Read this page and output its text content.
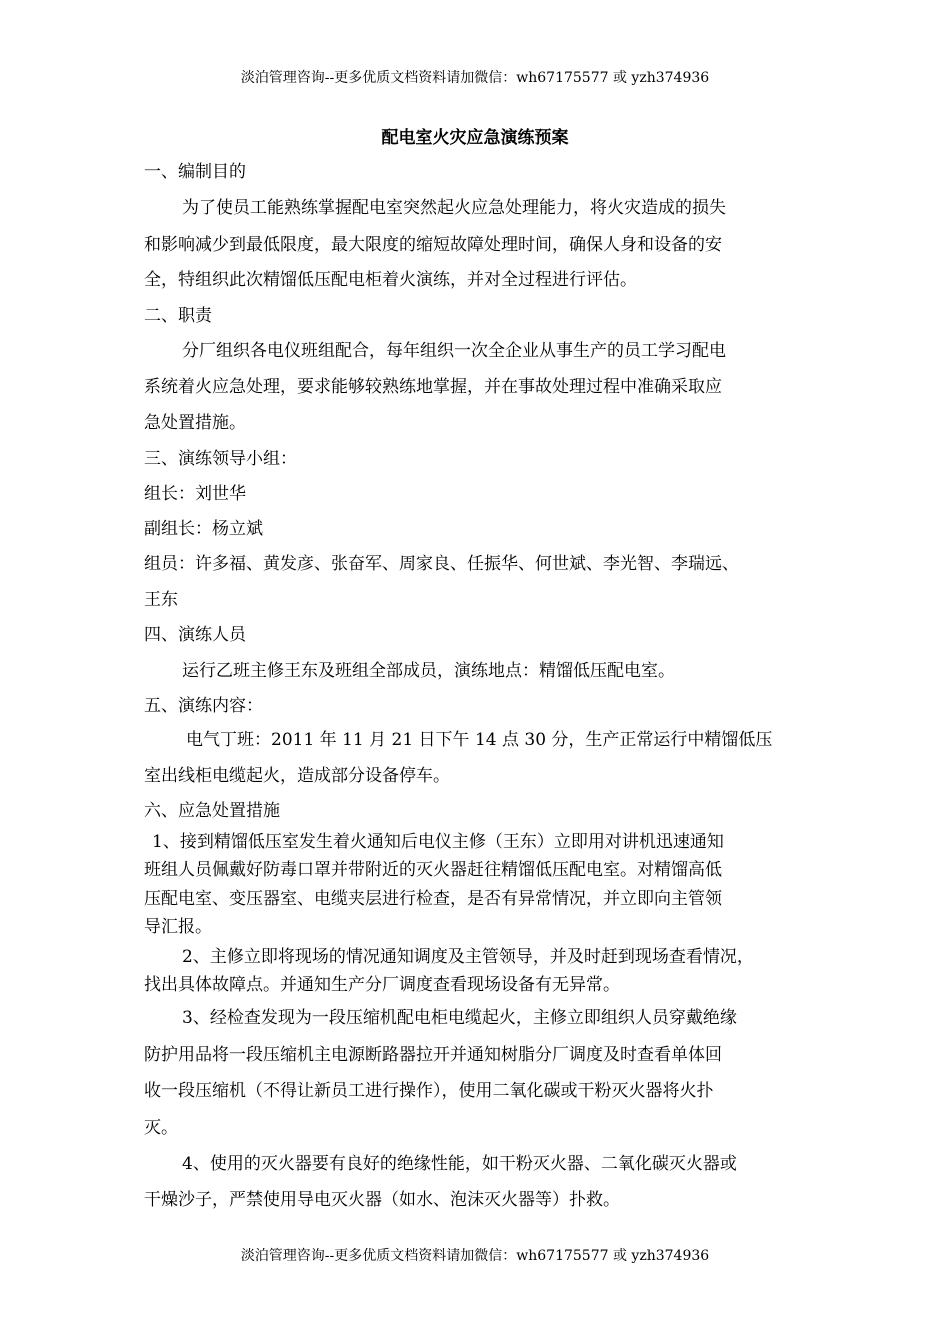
淡泊管理咨询--更多优质文档资料请加微信：wh67175577 或 yzh374936
配电室火灾应急演练预案
一、编制目的
为了使员工能熟练掌握配电室突然起火应急处理能力，将火灾造成的损失
和影响减少到最低限度，最大限度的缩短故障处理时间，确保人身和设备的安
全，特组织此次精馏低压配电柜着火演练，并对全过程进行评估。
二、职责
分厂组织各电仪班组配合，每年组织一次全企业从事生产的员工学习配电
系统着火应急处理，要求能够较熟练地掌握，并在事故处理过程中准确采取应
急处置措施。
三、演练领导小组：
组长：刘世华
副组长：杨立斌
组员：许多福、黄发彦、张奋军、周家良、任振华、何世斌、李光智、李瑞远、
王东
四、演练人员
运行乙班主修王东及班组全部成员，演练地点：精馏低压配电室。
五、演练内容：
电气丁班：2011 年 11 月 21 日下午 14 点 30 分，生产正常运行中精馏低压
室出线柜电缆起火，造成部分设备停车。
六、应急处置措施
1、接到精馏低压室发生着火通知后电仪主修（王东）立即用对讲机迅速通知
班组人员佩戴好防毒口罩并带附近的灭火器赶往精馏低压配电室。对精馏高低
压配电室、变压器室、电缆夹层进行检查，是否有异常情况，并立即向主管领
导汇报。
2、主修立即将现场的情况通知调度及主管领导，并及时赶到现场查看情况，
找出具体故障点。并通知生产分厂调度查看现场设备有无异常。
3、经检查发现为一段压缩机配电柜电缆起火，主修立即组织人员穿戴绝缘
防护用品将一段压缩机主电源断路器拉开并通知树脂分厂调度及时查看单体回
收一段压缩机（不得让新员工进行操作），使用二氧化碳或干粉灭火器将火扑
灭。
4、使用的灭火器要有良好的绝缘性能，如干粉灭火器、二氧化碳灭火器或
干燥沙子，严禁使用导电灭火器（如水、泡沫灭火器等）扑救。
淡泊管理咨询--更多优质文档资料请加微信：wh67175577 或 yzh374936
